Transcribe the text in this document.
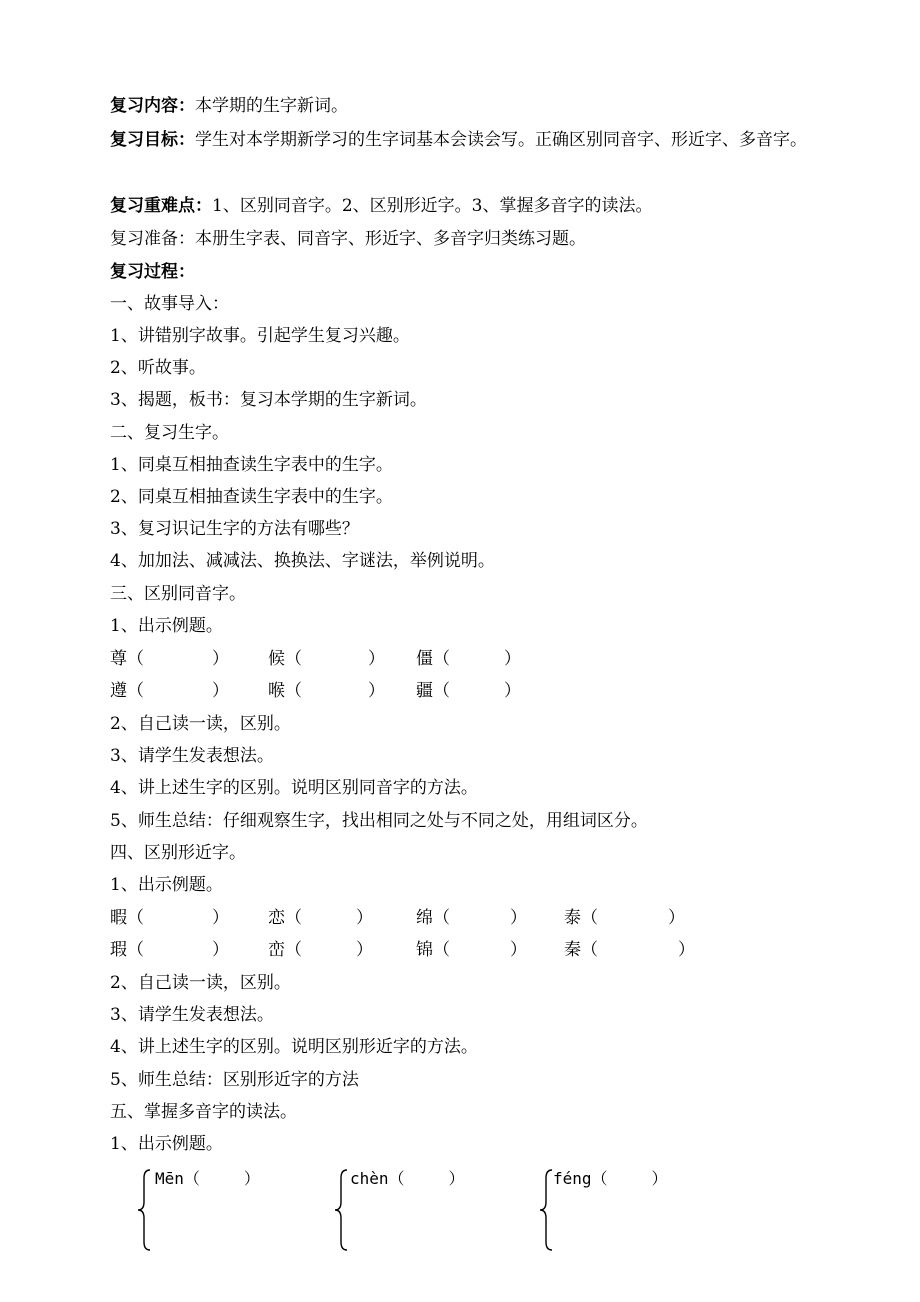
复习内容：本学期的生字新词。
复习目标：学生对本学期新学习的生字词基本会读会写。正确区别同音字、形近字、多音字。
复习重难点：1、区别同音字。2、区别形近字。3、掌握多音字的读法。
复习准备：本册生字表、同音字、形近字、多音字归类练习题。
复习过程：
一、故事导入：
1、讲错别字故事。引起学生复习兴趣。
2、听故事。
3、揭题，板书：复习本学期的生字新词。
二、复习生字。
1、同桌互相抽查读生字表中的生字。
2、同桌互相抽查读生字表中的生字。
3、复习识记生字的方法有哪些？
4、加加法、减减法、换换法、字谜法，举例说明。
三、区别同音字。
1、出示例题。
尊（	） 候（	） 僵（	）
遵（	） 喉（	） 疆（	）
2、自己读一读，区别。
3、请学生发表想法。
4、讲上述生字的区别。说明区别同音字的方法。
5、师生总结：仔细观察生字，找出相同之处与不同之处，用组词区分。
四、区别形近字。
1、出示例题。
暇（	） 恋（	）	绵（	） 泰（	）
瑕（	） 峦（	）	锦（	） 秦（	）
2、自己读一读，区别。
3、请学生发表想法。
4、讲上述生字的区别。说明区别形近字的方法。
5、师生总结：区别形近字的方法
五、掌握多音字的读法。
1、出示例题。
Mēn（	）	chèn（	）	féng（	）
